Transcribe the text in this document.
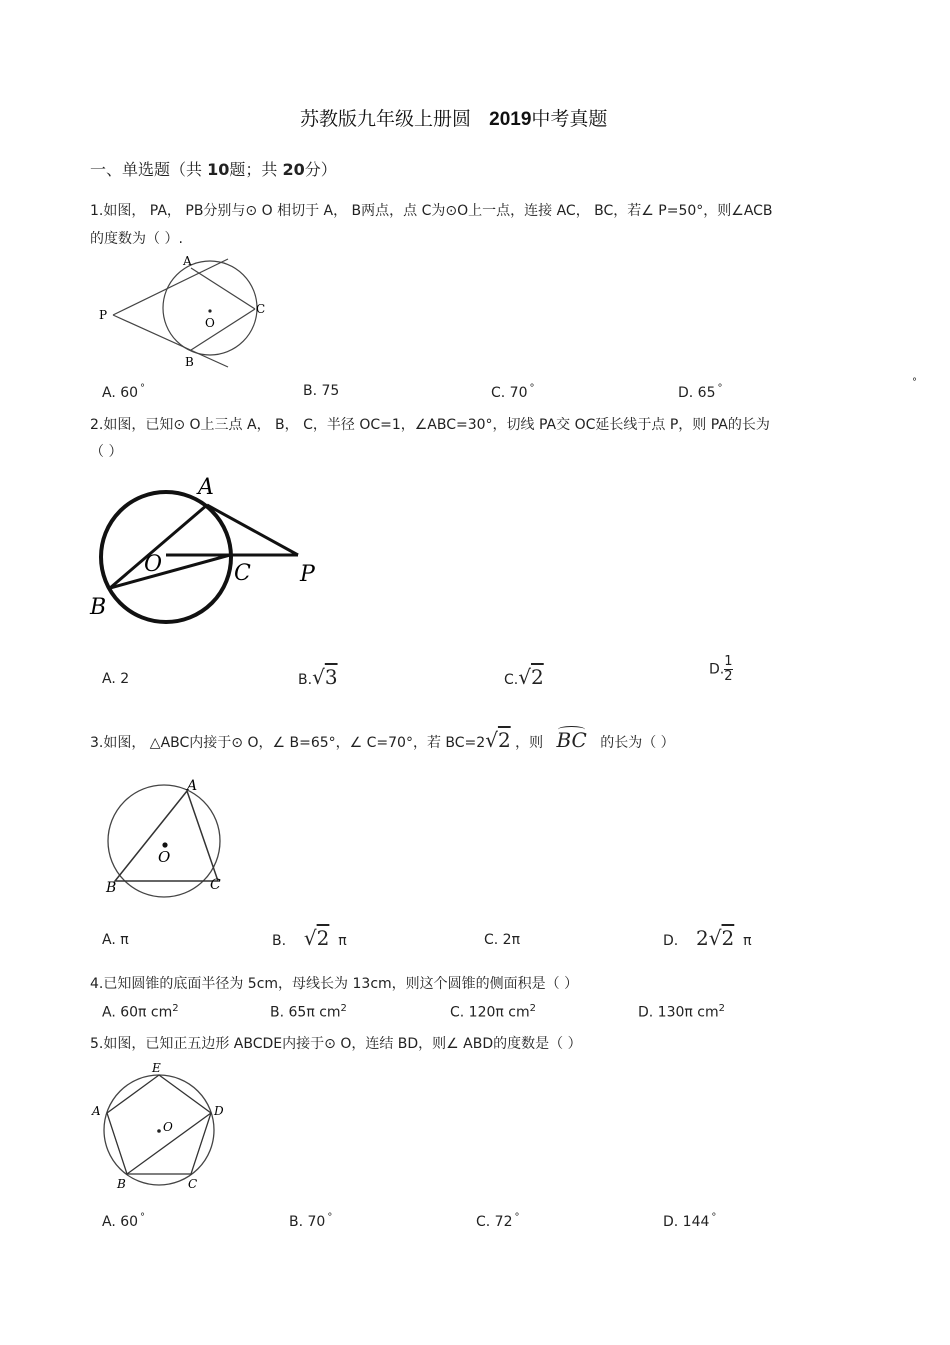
苏教版九年级上册圆 2019中考真题
一、单选题（共 10题；共 20分）
1.如图， PA， PB分别与⊙ O 相切于 A， B两点，点 C为⊙O上一点，连接 AC， BC，若∠ P=50°，则∠ACB
的度数为（ ）.
A
B
C
O
P
A. 60 °	B. 75	C. 70 °	D. 65 °
°
2.如图，已知⊙ O上三点 A， B， C，半径 OC=1，∠ABC=30°，切线 PA交 OC延长线于点 P，则 PA的长为
（ ）
A
B
C
O	P
A. 2	B.√3	C.√2	D. $\frac{1}{2}$
3.如图， △ABC内接于⊙ O，∠ B=65°，∠ C=70°，若 BC=2√2 ，则 BC 的长为（ ）
A
B	C
O
A. π	B. √2 π	C. 2π	D. 2√2 π
4.已知圆锥的底面半径为 5cm，母线长为 13cm，则这个圆锥的侧面积是（ ）
A. 60π $cm^2$	B. 65π $cm^2$	C. 120π $cm^2$	D. 130π $cm^2$
5.如图，已知正五边形 ABCDE内接于⊙ O，连结 BD，则∠ ABD的度数是（ ）
E
A	D
B	C
O
A. 60 °	B. 70 °	C. 72 °	D. 144 °
